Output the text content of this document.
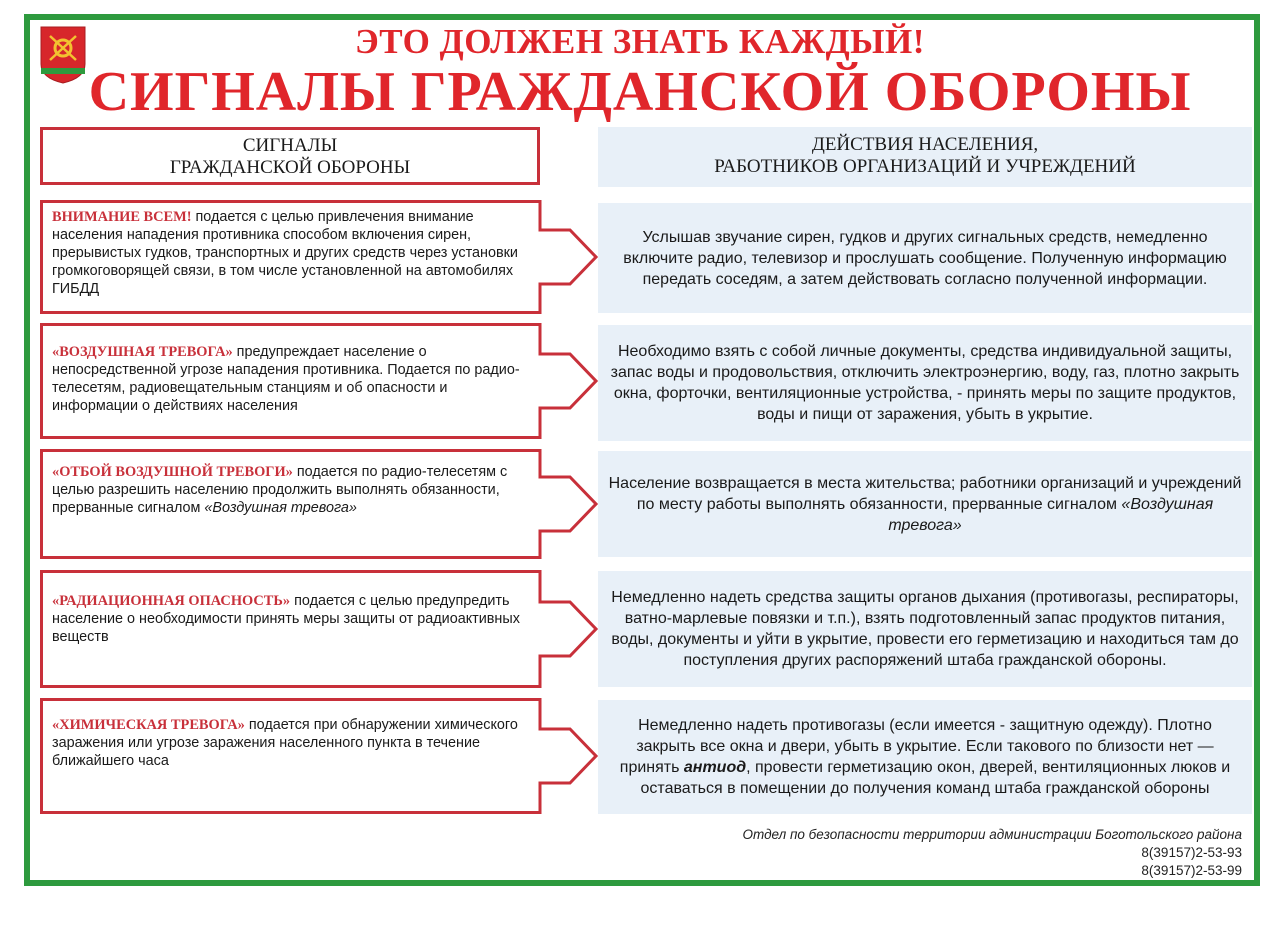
ЭТО ДОЛЖЕН ЗНАТЬ КАЖДЫЙ!
СИГНАЛЫ ГРАЖДАНСКОЙ ОБОРОНЫ
СИГНАЛЫ
ГРАЖДАНСКОЙ ОБОРОНЫ
ДЕЙСТВИЯ НАСЕЛЕНИЯ,
РАБОТНИКОВ ОРГАНИЗАЦИЙ И УЧРЕЖДЕНИЙ
ВНИМАНИЕ ВСЕМ! подается с целью привлечения внимание населения нападения противника способом включения сирен, прерывистых гудков, транспортных и других средств через установки громкоговорящей связи, в том числе установленной на автомобилях ГИБДД
Услышав звучание сирен, гудков и других сигнальных средств, немедленно включите радио, телевизор и прослушать сообщение. Полученную информацию передать соседям, а затем действовать согласно полученной информации.
«ВОЗДУШНАЯ ТРЕВОГА» предупреждает население о непосредственной угрозе нападения противника. Подается по радио- телесетям, радиовещательным станциям и об опасности и информации о действиях населения
Необходимо взять с собой личные документы, средства индивидуальной защиты, запас воды и продовольствия, отключить электроэнергию, воду, газ, плотно закрыть окна, форточки, вентиляционные устройства, - принять меры по защите продуктов, воды и пищи от заражения, убыть в укрытие.
«ОТБОЙ ВОЗДУШНОЙ ТРЕВОГИ» подается по радио-телесетям с целью разрешить населению продолжить выполнять обязанности, прерванные сигналом «Воздушная тревога»
Население возвращается в места жительства; работники организаций и учреждений по месту работы выполнять обязанности, прерванные сигналом «Воздушная тревога»
«РАДИАЦИОННАЯ ОПАСНОСТЬ» подается с целью предупредить население о необходимости принять меры защиты от радиоактивных веществ
Немедленно надеть средства защиты органов дыхания (противогазы, респираторы, ватно-марлевые повязки и т.п.), взять подготовленный запас продуктов питания, воды, документы и уйти в укрытие, провести его герметизацию и находиться там до поступления других распоряжений штаба гражданской обороны.
«ХИМИЧЕСКАЯ ТРЕВОГА» подается при обнаружении химического заражения или угрозе заражения населенного пункта в течение ближайшего часа
Немедленно надеть противогазы (если имеется - защитную одежду). Плотно закрыть все окна и двери, убыть в укрытие. Если такового по близости нет — принять антиод, провести герметизацию окон, дверей, вентиляционных люков и оставаться в помещении до получения команд штаба гражданской обороны
Отдел по безопасности территории администрации Боготольского района
8(39157)2-53-93
8(39157)2-53-99
